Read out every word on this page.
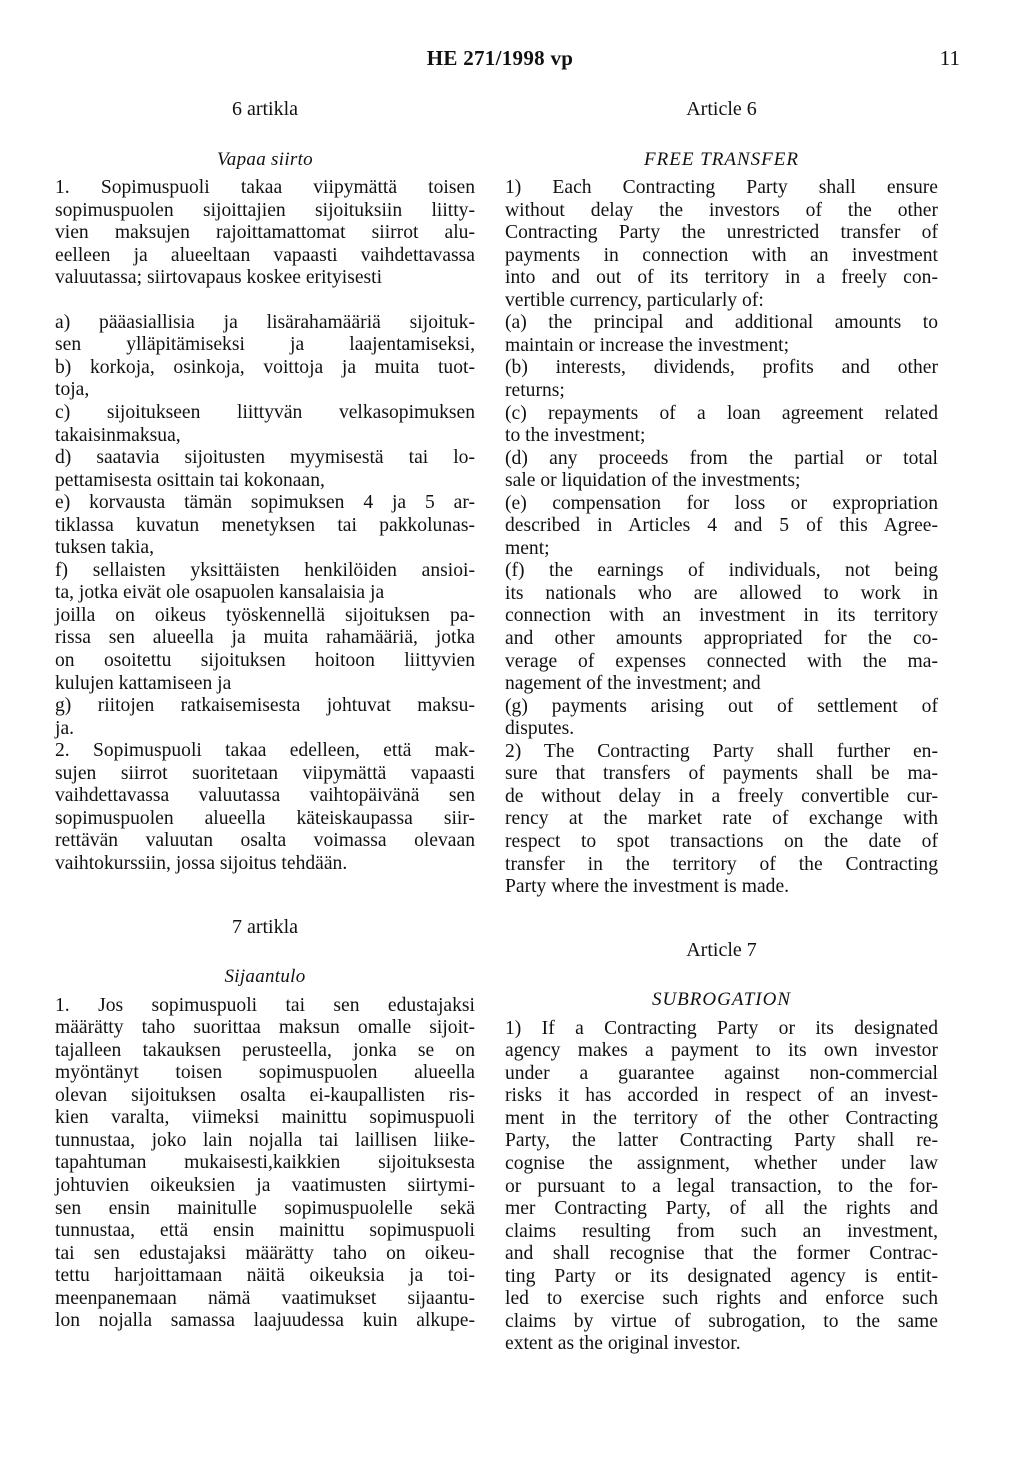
HE 271/1998 vp	11

6 artikla

Vapaa siirto

1. Sopimuspuoli takaa viipymättä toisen
sopimuspuolen sijoittajien sijoituksiin liitty-
vien maksujen rajoittamattomat siirrot alu-
eelleen ja alueeltaan vapaasti vaihdettavassa
valuutassa; siirtovapaus koskee erityisesti
a) pääasiallisia ja lisärahamääriä sijoituk-
sen ylläpitämiseksi ja laajentamiseksi,
b) korkoja, osinkoja, voittoja ja muita tuot-
toja,
c) sijoitukseen liittyvän velkasopimuksen
takaisinmaksua,
d) saatavia sijoitusten myymisestä tai lo-
pettamisesta osittain tai kokonaan,
e) korvausta tämän sopimuksen 4 ja 5 ar-
tiklassa kuvatun menetyksen tai pakkolunas-
tuksen takia,
f) sellaisten yksittäisten henkilöiden ansioi-
ta, jotka eivät ole osapuolen kansalaisia ja
joilla on oikeus työskennellä sijoituksen pa-
rissa sen alueella ja muita rahamääriä, jotka
on osoitettu sijoituksen hoitoon liittyvien
kulujen kattamiseen ja
g) riitojen ratkaisemisesta johtuvat maksu-
ja.
2. Sopimuspuoli takaa edelleen, että mak-
sujen siirrot suoritetaan viipymättä vapaasti
vaihdettavassa valuutassa vaihtopäivänä sen
sopimuspuolen alueella käteiskaupassa siir-
rettävän valuutan osalta voimassa olevaan
vaihtokurssiin, jossa sijoitus tehdään.

7 artikla

Sijaantulo

1. Jos sopimuspuoli tai sen edustajaksi
määrätty taho suorittaa maksun omalle sijoit-
tajalleen takauksen perusteella, jonka se on
myöntänyt toisen sopimuspuolen alueella
olevan sijoituksen osalta ei-kaupallisten ris-
kien varalta, viimeksi mainittu sopimuspuoli
tunnustaa, joko lain nojalla tai laillisen liike-
tapahtuman mukaisesti,kaikkien sijoituksesta
johtuvien oikeuksien ja vaatimusten siirtymi-
sen ensin mainitulle sopimuspuolelle sekä
tunnustaa, että ensin mainittu sopimuspuoli
tai sen edustajaksi määrätty taho on oikeu-
tettu harjoittamaan näitä oikeuksia ja toi-
meenpanemaan nämä vaatimukset sijaantu-
lon nojalla samassa laajuudessa kuin alkupe-

Article 6

FREE TRANSFER

1) Each Contracting Party shall ensure
without delay the investors of the other
Contracting Party the unrestricted transfer of
payments in connection with an investment
into and out of its territory in a freely con-
vertible currency, particularly of:
(a) the principal and additional amounts to
maintain or increase the investment;
(b) interests, dividends, profits and other
returns;
(c) repayments of a loan agreement related
to the investment;
(d) any proceeds from the partial or total
sale or liquidation of the investments;
(e) compensation for loss or expropriation
described in Articles 4 and 5 of this Agree-
ment;
(f) the earnings of individuals, not being
its nationals who are allowed to work in
connection with an investment in its territory
and other amounts appropriated for the co-
verage of expenses connected with the ma-
nagement of the investment; and
(g) payments arising out of settlement of
disputes.
2) The Contracting Party shall further en-
sure that transfers of payments shall be ma-
de without delay in a freely convertible cur-
rency at the market rate of exchange with
respect to spot transactions on the date of
transfer in the territory of the Contracting
Party where the investment is made.

Article 7

SUBROGATION

1) If a Contracting Party or its designated
agency makes a payment to its own investor
under a guarantee against non-commercial
risks it has accorded in respect of an invest-
ment in the territory of the other Contracting
Party, the latter Contracting Party shall re-
cognise the assignment, whether under law
or pursuant to a legal transaction, to the for-
mer Contracting Party, of all the rights and
claims resulting from such an investment,
and shall recognise that the former Contrac-
ting Party or its designated agency is entit-
led to exercise such rights and enforce such
claims by virtue of subrogation, to the same
extent as the original investor.
